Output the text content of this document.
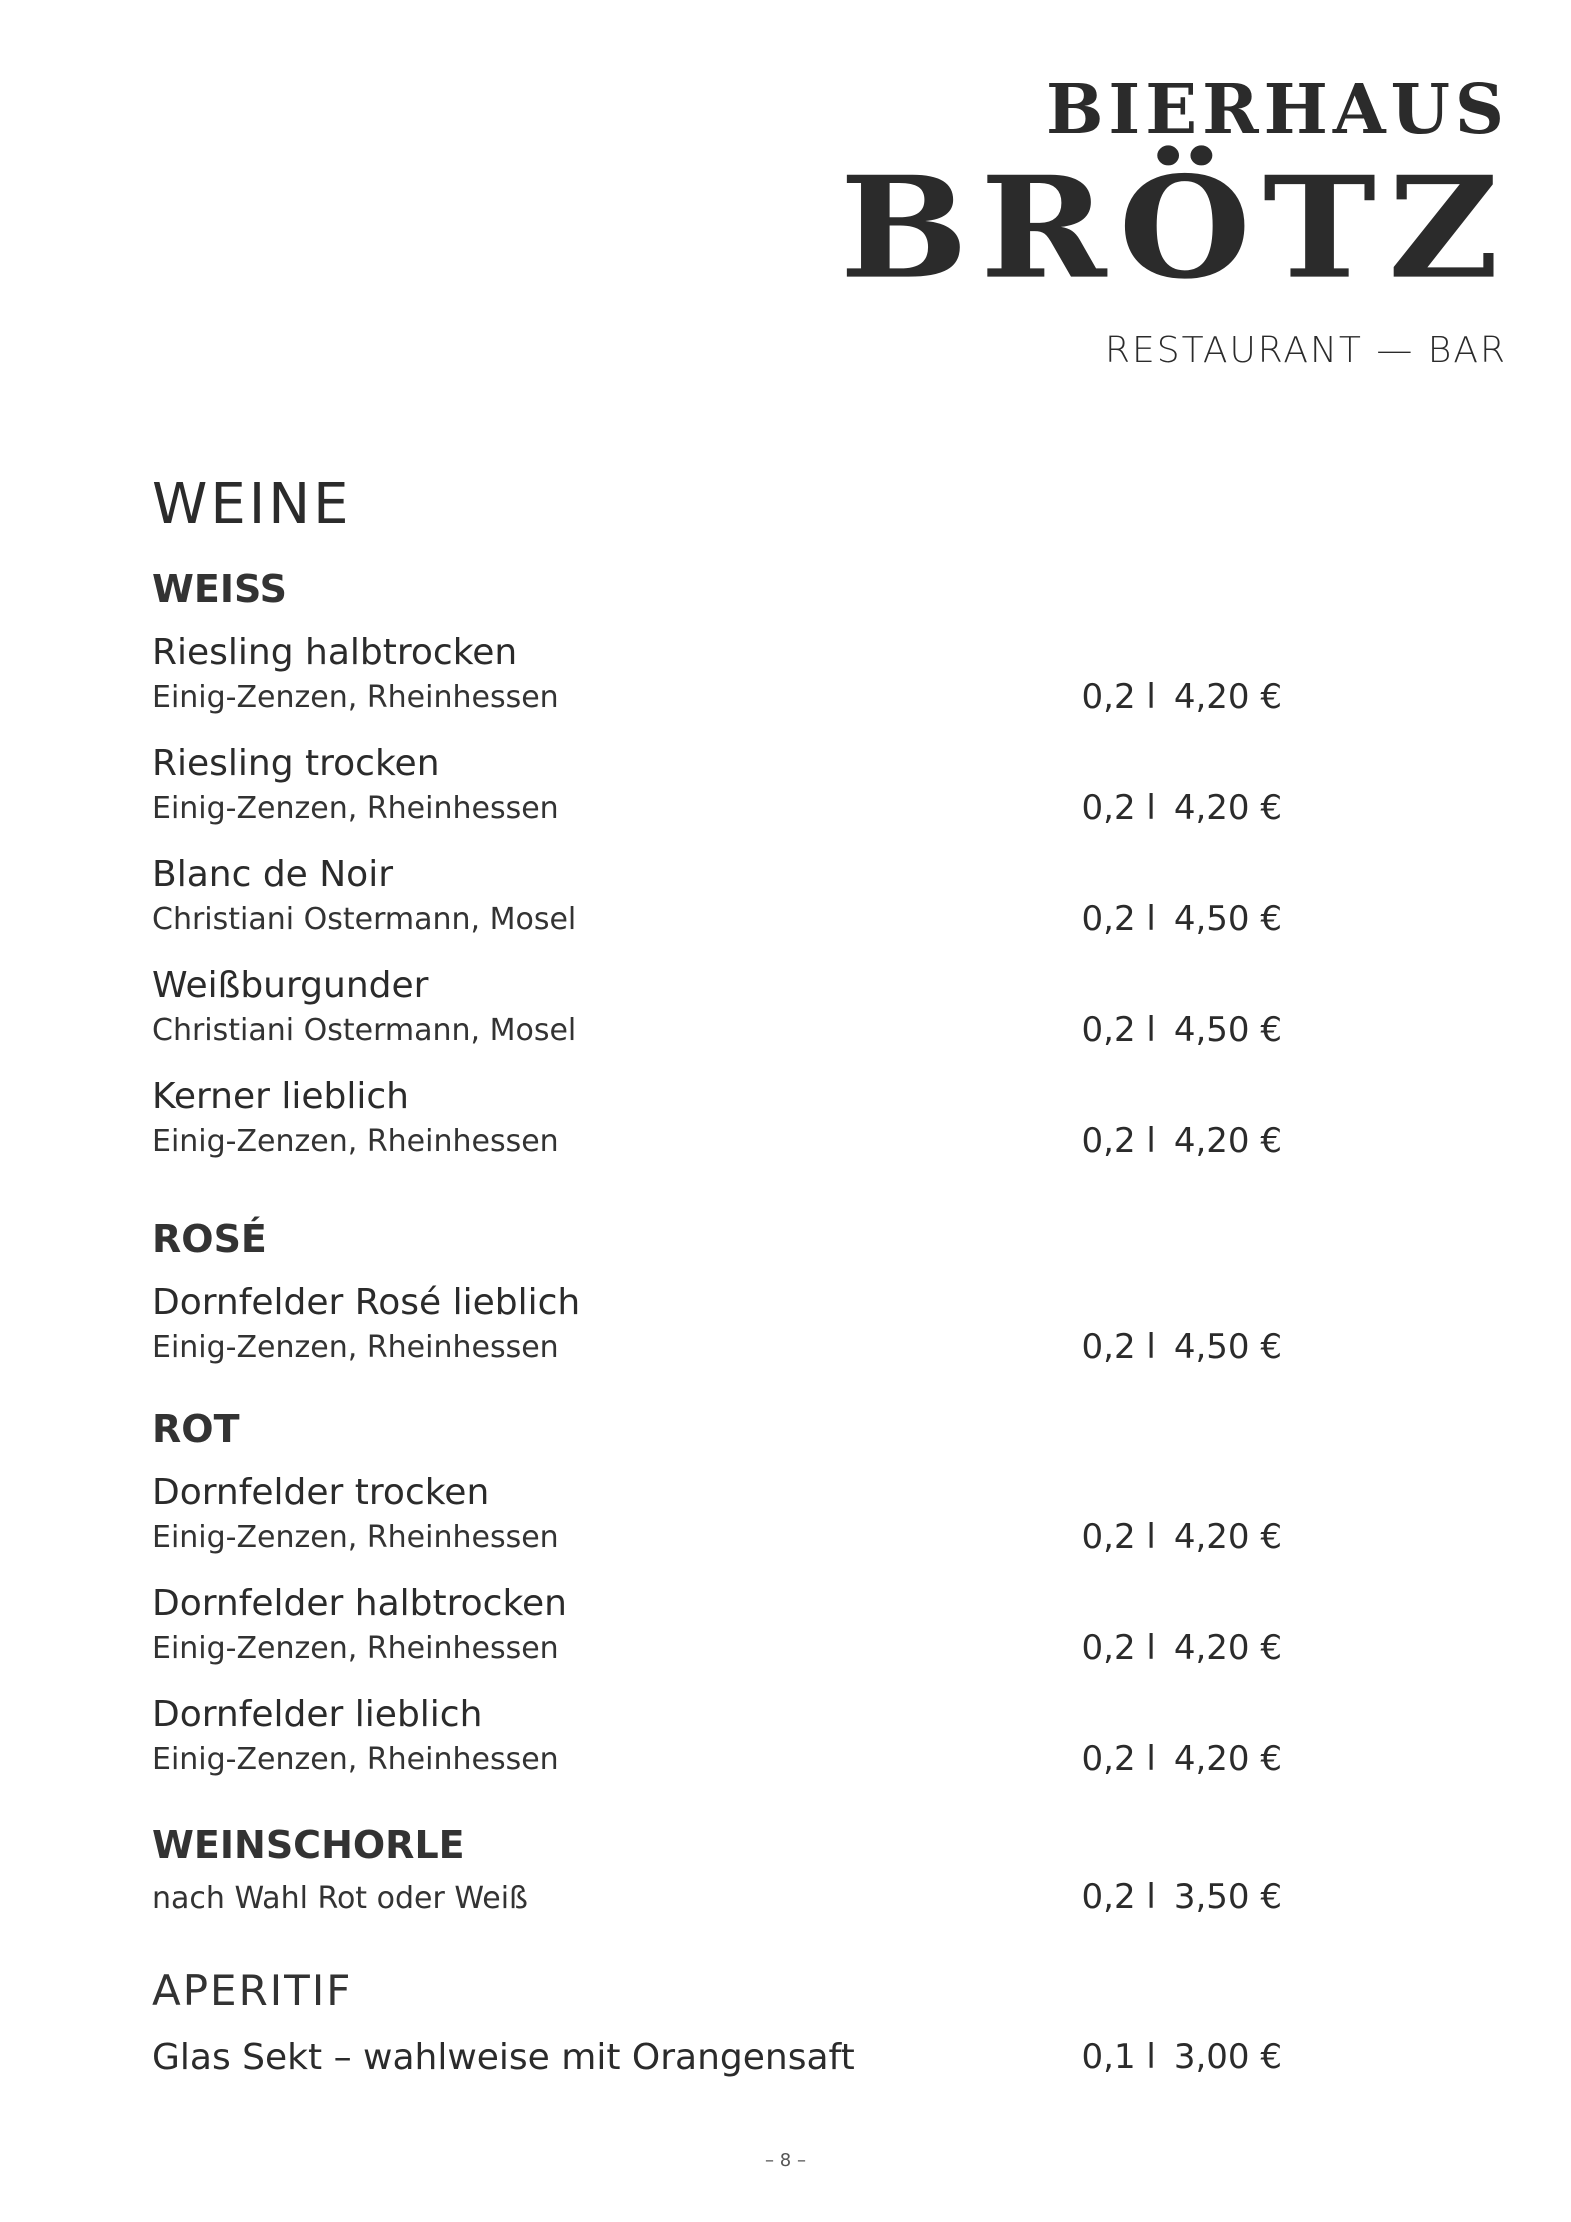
BIERHAUS
BRÖTZ
RESTAURANT — BAR
WEINE
WEISS
Riesling halbtrocken
Einig-Zenzen, Rheinhessen	0,2 l 4,20 €
Riesling trocken
Einig-Zenzen, Rheinhessen	0,2 l 4,20 €
Blanc de Noir
Christiani Ostermann, Mosel	0,2 l 4,50 €
Weißburgunder
Christiani Ostermann, Mosel	0,2 l 4,50 €
Kerner lieblich
Einig-Zenzen, Rheinhessen	0,2 l 4,20 €
ROSÉ
Dornfelder Rosé lieblich
Einig-Zenzen, Rheinhessen	0,2 l 4,50 €
ROT
Dornfelder trocken
Einig-Zenzen, Rheinhessen	0,2 l 4,20 €
Dornfelder halbtrocken
Einig-Zenzen, Rheinhessen	0,2 l 4,20 €
Dornfelder lieblich
Einig-Zenzen, Rheinhessen	0,2 l 4,20 €
WEINSCHORLE
nach Wahl Rot oder Weiß	0,2 l 3,50 €
APERITIF
Glas Sekt – wahlweise mit Orangensaft	0,1 l 3,00 €
– 8 –
